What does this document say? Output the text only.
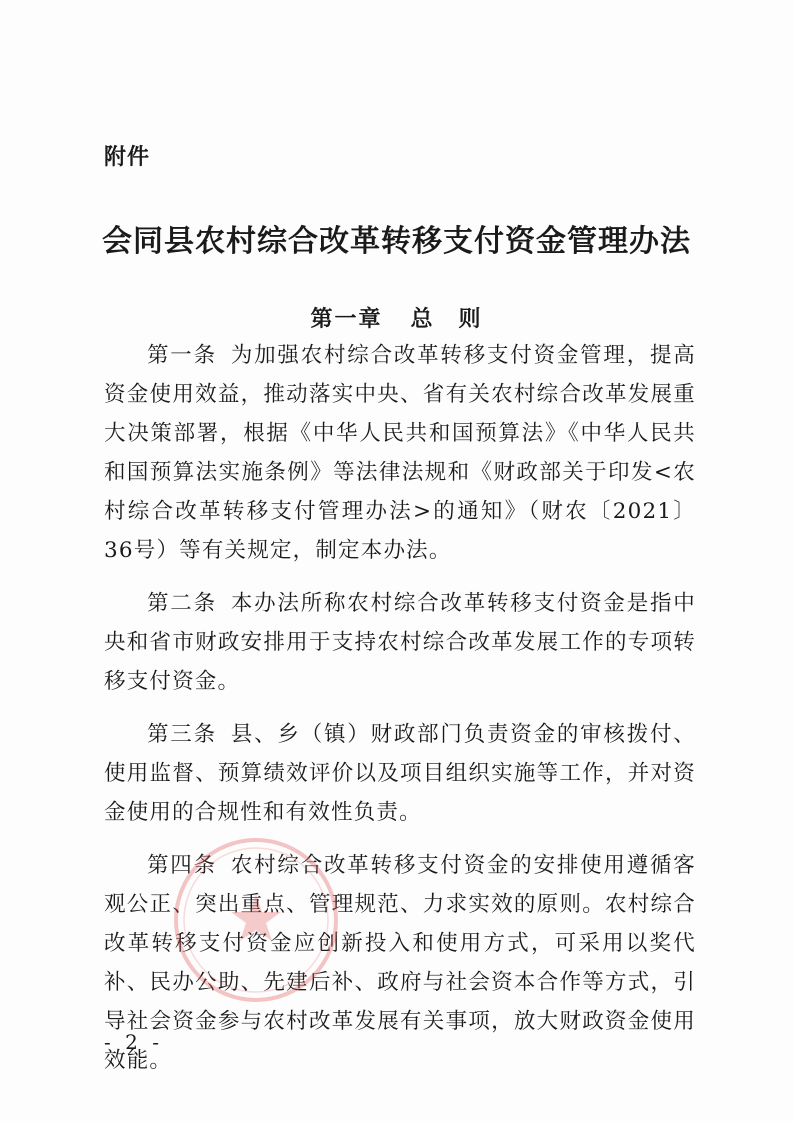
附件
会同县农村综合改革转移支付资金管理办法
第一章 总　则

第一条 为加强农村综合改革转移支付资金管理，提高资金使用效益，推动落实中央、省有关农村综合改革发展重大决策部署，根据《中华人民共和国预算法》《中华人民共和国预算法实施条例》等法律法规和《财政部关于印发<农村综合改革转移支付管理办法>的通知》（财农〔2021〕36号）等有关规定，制定本办法。

第二条 本办法所称农村综合改革转移支付资金是指中央和省市财政安排用于支持农村综合改革发展工作的专项转移支付资金。

第三条 县、乡（镇）财政部门负责资金的审核拨付、使用监督、预算绩效评价以及项目组织实施等工作，并对资金使用的合规性和有效性负责。

第四条 农村综合改革转移支付资金的安排使用遵循客观公正、突出重点、管理规范、力求实效的原则。农村综合改革转移支付资金应创新投入和使用方式，可采用以奖代补、民办公助、先建后补、政府与社会资本合作等方式，引导社会资金参与农村改革发展有关事项，放大财政资金使用效能。

- 2 -
